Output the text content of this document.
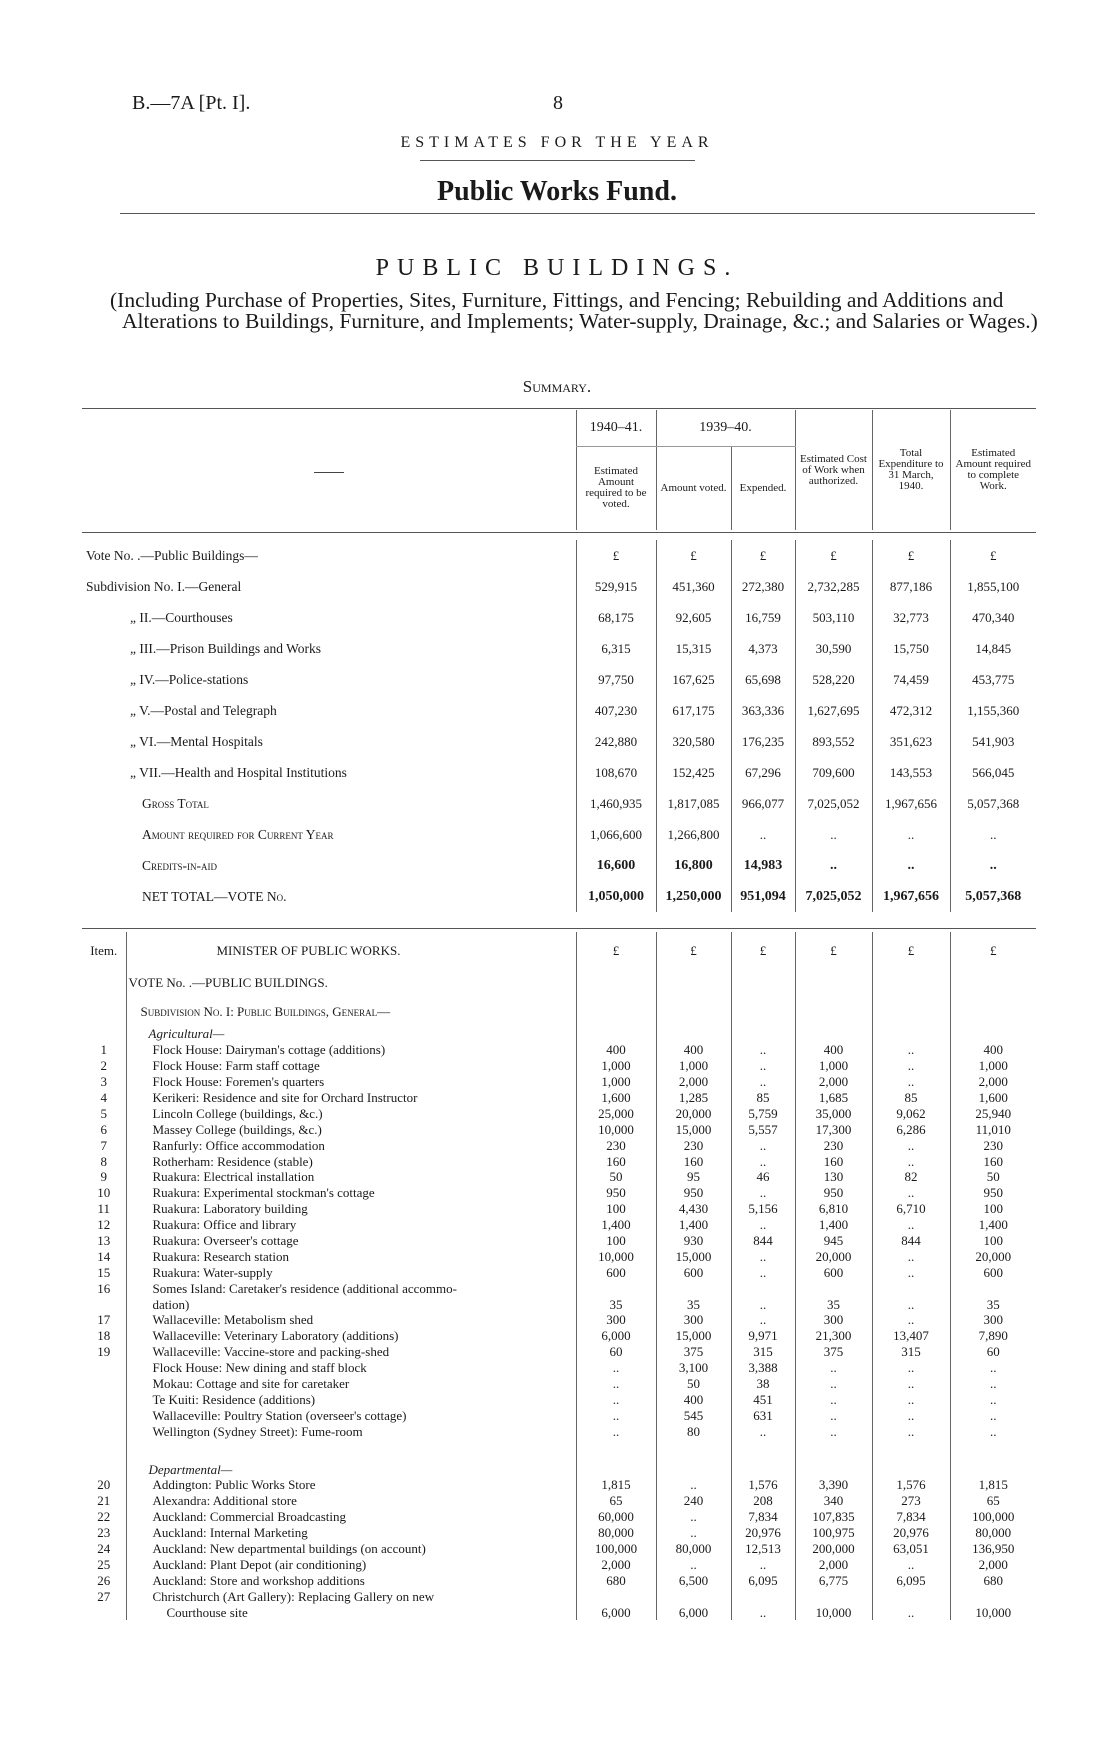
B.—7A [Pt. I].	8
ESTIMATES FOR THE YEAR
Public Works Fund.
PUBLIC BUILDINGS.
(Including Purchase of Properties, Sites, Furniture, Fittings, and Fencing; Rebuilding and Additions and Alterations to Buildings, Furniture, and Implements; Water-supply, Drainage, &c.; and Salaries or Wages.)
Summary.
	1940–41.	1939–40.		Estimated Cost of Work when authorized.	Total Expenditure to 31 March, 1940.	Estimated Amount required to complete Work.
	Estimated Amount required to be voted.	Amount voted.	Expended.			
Vote No. .—Public Buildings—	£	£	£	£	£	£
Subdivision No. I.—General	529,915	451,360	272,380	2,732,285	877,186	1,855,100
„ II.—Courthouses	68,175	92,605	16,759	503,110	32,773	470,340
„ III.—Prison Buildings and Works	6,315	15,315	4,373	30,590	15,750	14,845
„ IV.—Police-stations	97,750	167,625	65,698	528,220	74,459	453,775
„ V.—Postal and Telegraph	407,230	617,175	363,336	1,627,695	472,312	1,155,360
„ VI.—Mental Hospitals	242,880	320,580	176,235	893,552	351,623	541,903
„ VII.—Health and Hospital Institutions	108,670	152,425	67,296	709,600	143,553	566,045
Gross Total	1,460,935	1,817,085	966,077	7,025,052	1,967,656	5,057,368
Amount required for Current Year	1,066,600	1,266,800	..	..	..	..
Credits-in-aid	16,600	16,800	14,983	..	..	..
NET TOTAL—VOTE No.	1,050,000	1,250,000	951,094	7,025,052	1,967,656	5,057,368
Item.	MINISTER OF PUBLIC WORKS.	£	£	£	£	£	£
	VOTE No. .—PUBLIC BUILDINGS.						
	Subdivision No. I: Public Buildings, General—						
	Agricultural—						
1	Flock House: Dairyman's cottage (additions)	400	400	..	400	..	400
2	Flock House: Farm staff cottage	1,000	1,000	..	1,000	..	1,000
3	Flock House: Foremen's quarters	1,000	2,000	..	2,000	..	2,000
4	Kerikeri: Residence and site for Orchard Instructor	1,600	1,285	85	1,685	85	1,600
5	Lincoln College (buildings, &c.)	25,000	20,000	5,759	35,000	9,062	25,940
6	Massey College (buildings, &c.)	10,000	15,000	5,557	17,300	6,286	11,010
7	Ranfurly: Office accommodation	230	230	..	230	..	230
8	Rotherham: Residence (stable)	160	160	..	160	..	160
9	Ruakura: Electrical installation	50	95	46	130	82	50
10	Ruakura: Experimental stockman's cottage	950	950	..	950	..	950
11	Ruakura: Laboratory building	100	4,430	5,156	6,810	6,710	100
12	Ruakura: Office and library	1,400	1,400	..	1,400	..	1,400
13	Ruakura: Overseer's cottage	100	930	844	945	844	100
14	Ruakura: Research station	10,000	15,000	..	20,000	..	20,000
15	Ruakura: Water-supply	600	600	..	600	..	600
16	Somes Island: Caretaker's residence (additional accommo-						
	dation)	35	35	..	35	..	35
17	Wallaceville: Metabolism shed	300	300	..	300	..	300
18	Wallaceville: Veterinary Laboratory (additions)	6,000	15,000	9,971	21,300	13,407	7,890
19	Wallaceville: Vaccine-store and packing-shed	60	375	315	375	315	60
	Flock House: New dining and staff block	..	3,100	3,388	..	..	..
	Mokau: Cottage and site for caretaker	..	50	38	..	..	..
	Te Kuiti: Residence (additions)	..	400	451	..	..	..
	Wallaceville: Poultry Station (overseer's cottage)	..	545	631	..	..	..
	Wellington (Sydney Street): Fume-room	..	80	..	..	..	..

	Departmental—						
20	Addington: Public Works Store	1,815	..	1,576	3,390	1,576	1,815
21	Alexandra: Additional store	65	240	208	340	273	65
22	Auckland: Commercial Broadcasting	60,000	..	7,834	107,835	7,834	100,000
23	Auckland: Internal Marketing	80,000	..	20,976	100,975	20,976	80,000
24	Auckland: New departmental buildings (on account)	100,000	80,000	12,513	200,000	63,051	136,950
25	Auckland: Plant Depot (air conditioning)	2,000	..	..	2,000	..	2,000
26	Auckland: Store and workshop additions	680	6,500	6,095	6,775	6,095	680
27	Christchurch (Art Gallery): Replacing Gallery on new						
	Courthouse site	6,000	6,000	..	10,000	..	10,000
